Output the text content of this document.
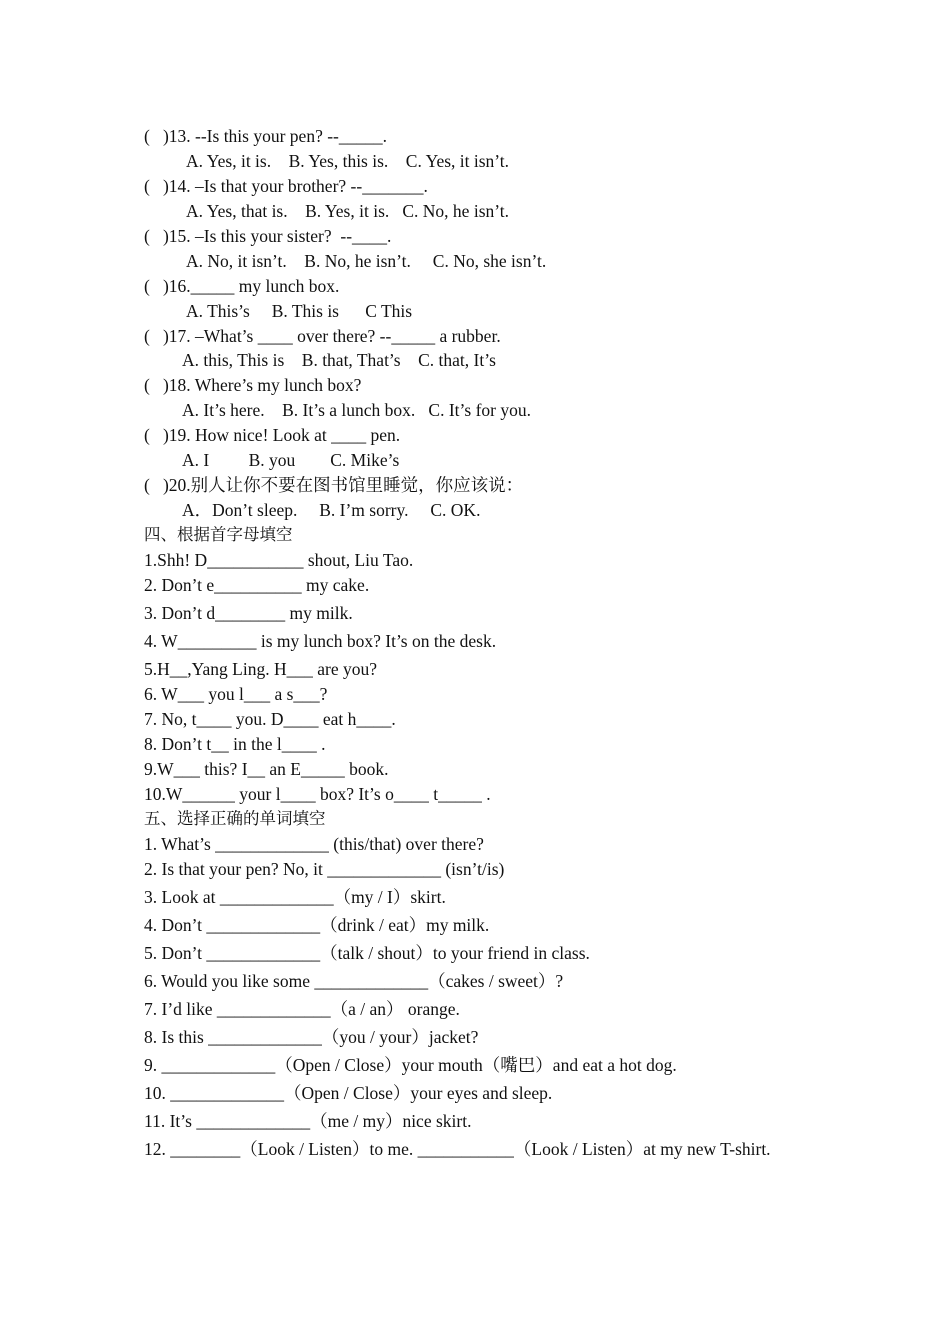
(   )13. --Is this your pen? --_____.
A. Yes, it is.    B. Yes, this is.    C. Yes, it isn’t.
(   )14. –Is that your brother? --_______.
A. Yes, that is.    B. Yes, it is.   C. No, he isn’t.
(   )15. –Is this your sister?  --____.
A. No, it isn’t.    B. No, he isn’t.     C. No, she isn’t.
(   )16._____ my lunch box.
A. This’s     B. This is      C This
(   )17. –What’s ____ over there? --_____ a rubber.
A. this, This is    B. that, That’s    C. that, It’s
(   )18. Where’s my lunch box?
A. It’s here.    B. It’s a lunch box.   C. It’s for you.
(   )19. How nice! Look at ____ pen.
A. I         B. you        C. Mike’s
(   )20.别人让你不要在图书馆里睡觉，你应该说：
A．Don’t sleep.     B. I’m sorry.     C. OK.
四、根据首字母填空
1.Shh! D___________ shout, Liu Tao.
2. Don’t e__________ my cake.
3. Don’t d________ my milk.
4. W_________ is my lunch box? It’s on the desk.
5.H__,Yang Ling. H___ are you?
6. W___ you l___ a s___?
7. No, t____ you. D____ eat h____.
8. Don’t t__ in the l____ .
9.W___ this? I__ an E_____ book.
10.W______ your l____ box? It’s o____ t_____ .
五、选择正确的单词填空
1. What’s _____________ (this/that) over there?
2. Is that your pen? No, it _____________ (isn’t/is)
3. Look at _____________（my / I）skirt.
4. Don’t _____________（drink / eat）my milk.
5. Don’t _____________（talk / shout）to your friend in class.
6. Would you like some _____________（cakes / sweet）?
7. I’d like _____________（a / an） orange.
8. Is this _____________（you / your）jacket?
9. _____________（Open / Close）your mouth（嘴巴）and eat a hot dog.
10. _____________（Open / Close）your eyes and sleep.
11. It’s _____________（me / my）nice skirt.
12. ________（Look / Listen）to me. ___________（Look / Listen）at my new T-shirt.
